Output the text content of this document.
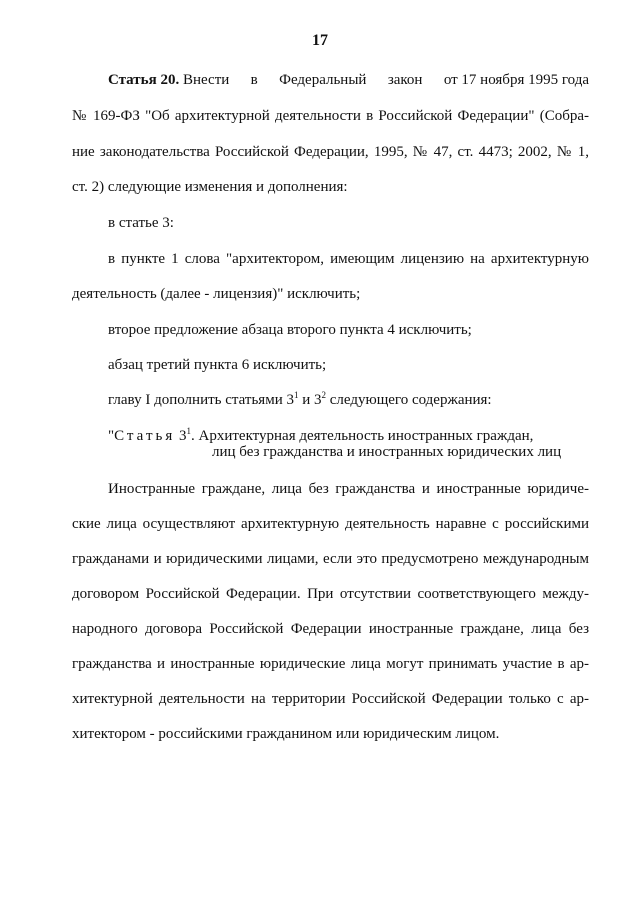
17
Статья 20. Внести в Федеральный закон от 17 ноября 1995 года
№ 169-ФЗ "Об архитектурной деятельности в Российской Федерации" (Собра-
ние законодательства Российской Федерации, 1995, № 47, ст. 4473; 2002, № 1,
ст. 2) следующие изменения и дополнения:
в статье 3:
в пункте 1 слова "архитектором, имеющим лицензию на архитектурную
деятельность (далее - лицензия)" исключить;
второе предложение абзаца второго пункта 4 исключить;
абзац третий пункта 6 исключить;
главу I дополнить статьями $3^1$ и $3^2$ следующего содержания:
"Статья $3^1$. Архитектурная деятельность иностранных граждан,
лиц без гражданства и иностранных юридических лиц
Иностранные граждане, лица без гражданства и иностранные юридиче-
ские лица осуществляют архитектурную деятельность наравне с российскими
гражданами и юридическими лицами, если это предусмотрено международным
договором Российской Федерации. При отсутствии соответствующего между-
народного договора Российской Федерации иностранные граждане, лица без
гражданства и иностранные юридические лица могут принимать участие в ар-
хитектурной деятельности на территории Российской Федерации только с ар-
хитектором - российскими гражданином или юридическим лицом.
